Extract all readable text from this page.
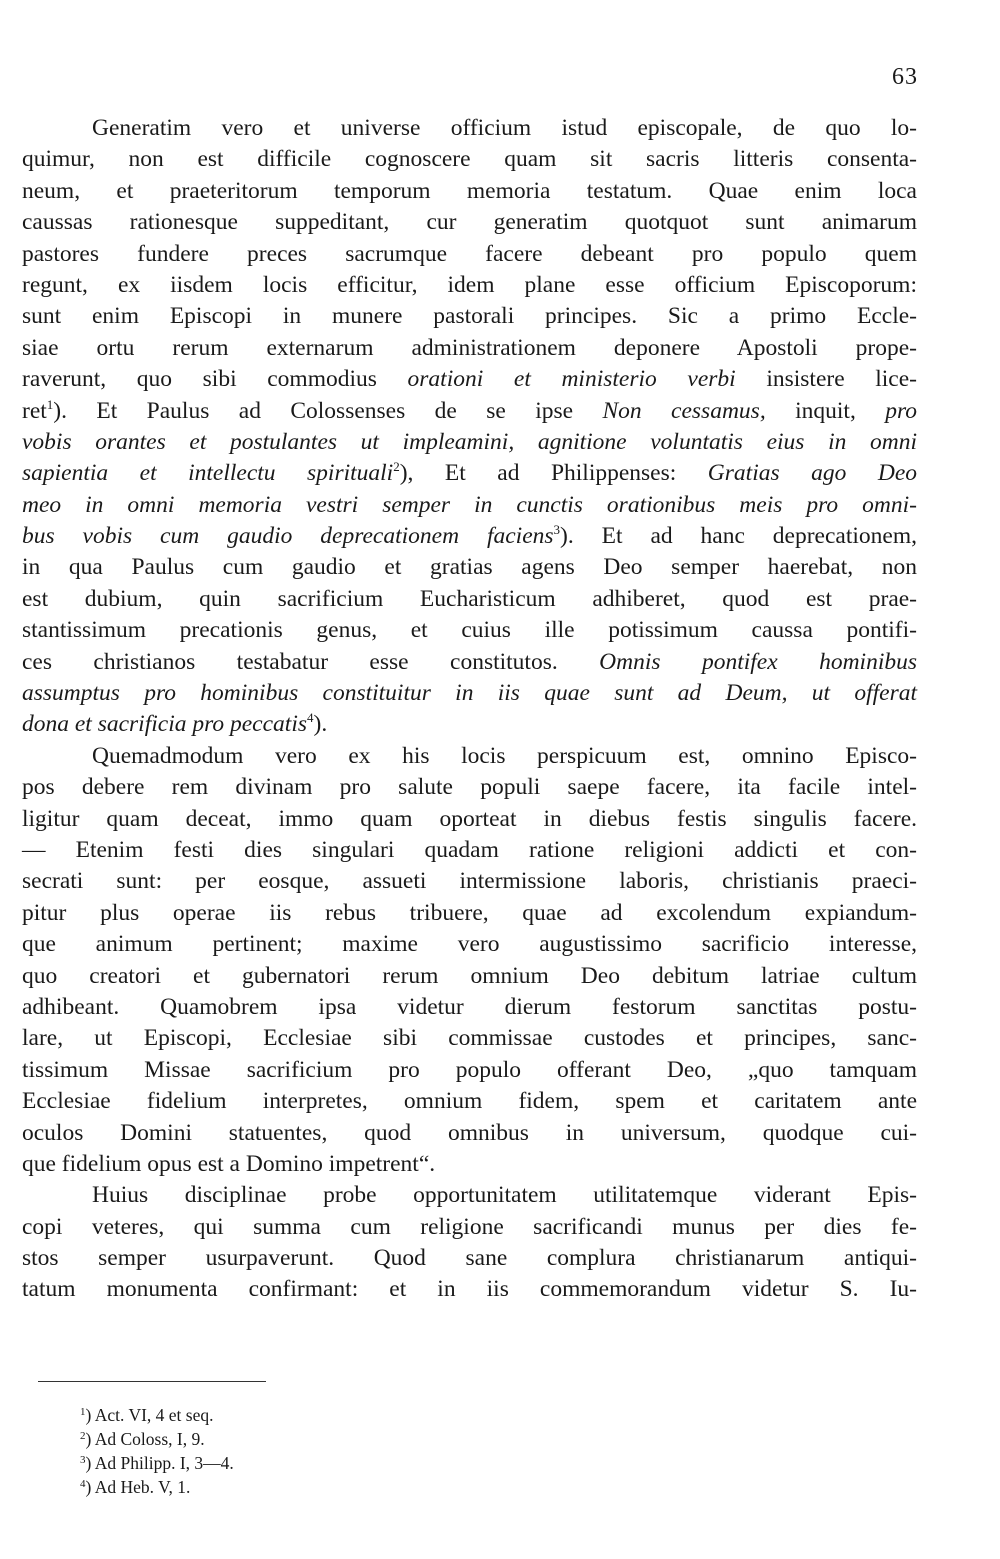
63
Generatim vero et universe officium istud episcopale, de quo lo-
quimur, non est difficile cognoscere quam sit sacris litteris consenta-
neum, et praeteritorum temporum memoria testatum. Quae enim loca
caussas rationesque suppeditant, cur generatim quotquot sunt animarum
pastores fundere preces sacrumque facere debeant pro populo quem
regunt, ex iisdem locis efficitur, idem plane esse officium Episcoporum:
sunt enim Episcopi in munere pastorali principes. Sic a primo Eccle-
siae ortu rerum externarum administrationem deponere Apostoli prope-
raverunt, quo sibi commodius orationi et ministerio verbi insistere lice-
ret$^1$). Et Paulus ad Colossenses de se ipse Non cessamus, inquit, pro
vobis orantes et postulantes ut impleamini, agnitione voluntatis eius in omni
sapientia et intellectu spirituali$^2$), Et ad Philippenses: Gratias ago Deo
meo in omni memoria vestri semper in cunctis orationibus meis pro omni-
bus vobis cum gaudio deprecationem faciens$^3$). Et ad hanc deprecationem,
in qua Paulus cum gaudio et gratias agens Deo semper haerebat, non
est dubium, quin sacrificium Eucharisticum adhiberet, quod est prae-
stantissimum precationis genus, et cuius ille potissimum caussa pontifi-
ces christianos testabatur esse constitutos. Omnis pontifex hominibus
assumptus pro hominibus constituitur in iis quae sunt ad Deum, ut offerat
dona et sacrificia pro peccatis$^4$).
Quemadmodum vero ex his locis perspicuum est, omnino Episco-
pos debere rem divinam pro salute populi saepe facere, ita facile intel-
ligitur quam deceat, immo quam oporteat in diebus festis singulis facere.
— Etenim festi dies singulari quadam ratione religioni addicti et con-
secrati sunt: per eosque, assueti intermissione laboris, christianis praeci-
pitur plus operae iis rebus tribuere, quae ad excolendum expiandum-
que animum pertinent; maxime vero augustissimo sacrificio interesse,
quo creatori et gubernatori rerum omnium Deo debitum latriae cultum
adhibeant. Quamobrem ipsa videtur dierum festorum sanctitas postu-
lare, ut Episcopi, Ecclesiae sibi commissae custodes et principes, sanc-
tissimum Missae sacrificium pro populo offerant Deo, „quo tamquam
Ecclesiae fidelium interpretes, omnium fidem, spem et caritatem ante
oculos Domini statuentes, quod omnibus in universum, quodque cui-
que fidelium opus est a Domino impetrent“.
Huius disciplinae probe opportunitatem utilitatemque viderant Epis-
copi veteres, qui summa cum religione sacrificandi munus per dies fe-
stos semper usurpaverunt. Quod sane complura christianarum antiqui-
tatum monumenta confirmant: et in iis commemorandum videtur S. Iu-
$^1$) Act. VI, 4 et seq.
$^2$) Ad Coloss, I, 9.
$^3$) Ad Philipp. I, 3—4.
$^4$) Ad Heb. V, 1.
